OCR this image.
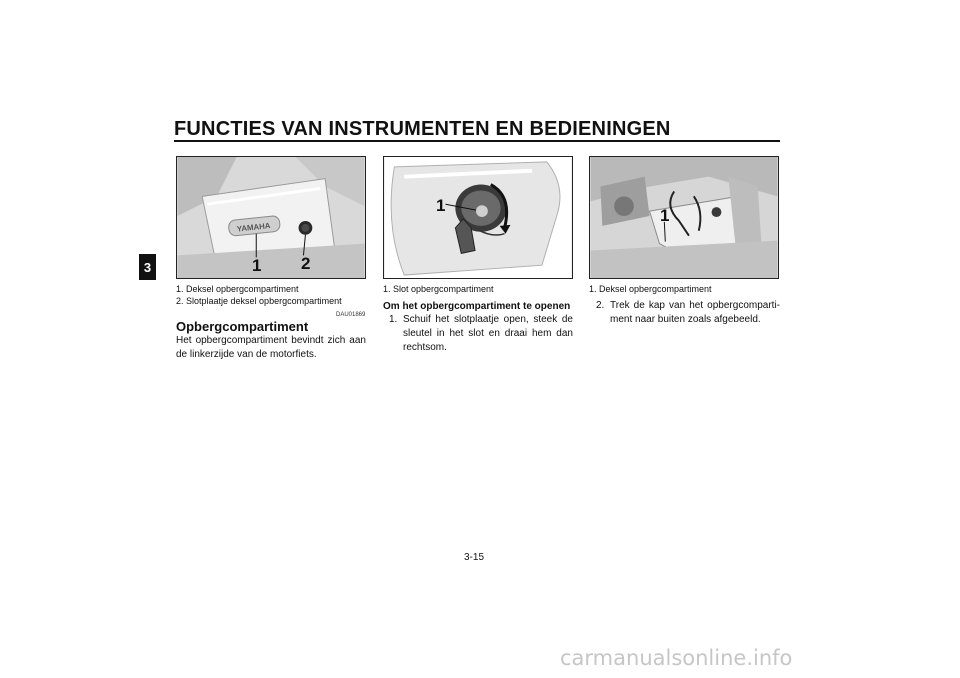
FUNCTIES VAN INSTRUMENTEN EN BEDIENINGEN
3
YAMAHA
1 2
1
1
1. Deksel opbergcompartiment
2. Slotplaatje deksel opbergcompartiment
1. Slot opbergcompartiment	1. Deksel opbergcompartiment
DAU01869
Opbergcompartiment
Het opbergcompartiment bevindt zich aan de linkerzijde van de motorfiets.
Om het opbergcompartiment te openen
1. Schuif het slotplaatje open, steek de sleutel in het slot en draai hem dan rechtsom.
2. Trek de kap van het opbergcomparti-ment naar buiten zoals afgebeeld.
3-15
carmanualsonline.info
